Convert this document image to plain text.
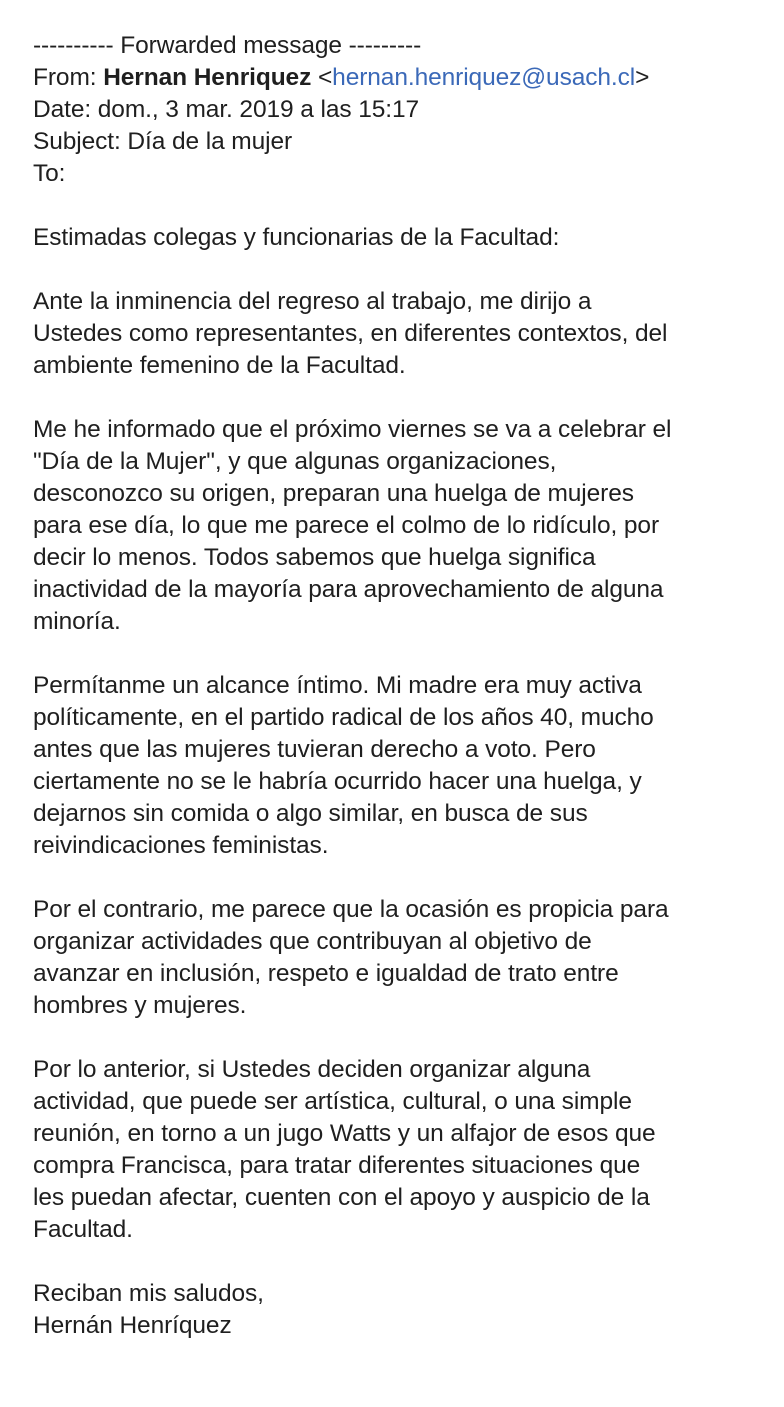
---------- Forwarded message ---------
From: Hernan Henriquez <hernan.henriquez@usach.cl>
Date: dom., 3 mar. 2019 a las 15:17
Subject: Día de la mujer
To:
Estimadas colegas y funcionarias de la Facultad:
Ante la inminencia del regreso al trabajo, me dirijo a
Ustedes como representantes, en diferentes contextos, del
ambiente femenino de la Facultad.
Me he informado que el próximo viernes se va a celebrar el
"Día de la Mujer", y que algunas organizaciones,
desconozco su origen, preparan una huelga de mujeres
para ese día, lo que me parece el colmo de lo ridículo, por
decir lo menos. Todos sabemos que huelga significa
inactividad de la mayoría para aprovechamiento de alguna
minoría.
Permítanme un alcance íntimo. Mi madre era muy activa
políticamente, en el partido radical de los años 40, mucho
antes que las mujeres tuvieran derecho a voto. Pero
ciertamente no se le habría ocurrido hacer una huelga, y
dejarnos sin comida o algo similar, en busca de sus
reivindicaciones feministas.
Por el contrario, me parece que la ocasión es propicia para
organizar actividades que contribuyan al objetivo de
avanzar en inclusión, respeto e igualdad de trato entre
hombres y mujeres.
Por lo anterior, si Ustedes deciden organizar alguna
actividad, que puede ser artística, cultural, o una simple
reunión, en torno a un jugo Watts y un alfajor de esos que
compra Francisca, para tratar diferentes situaciones que
les puedan afectar, cuenten con el apoyo y auspicio de la
Facultad.
Reciban mis saludos,
Hernán Henríquez
